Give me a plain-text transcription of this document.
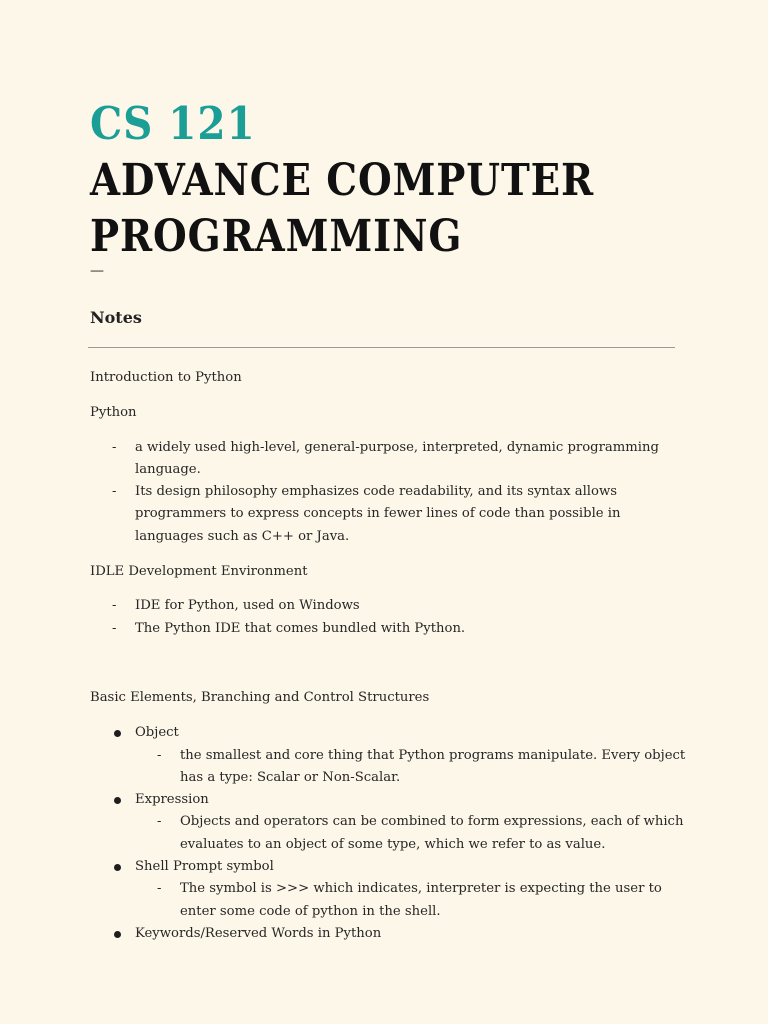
CS 121
ADVANCE COMPUTER
PROGRAMMING
—
Notes

Introduction to Python

Python

- a widely used high-level, general-purpose, interpreted, dynamic programming language.
- Its design philosophy emphasizes code readability, and its syntax allows programmers to express concepts in fewer lines of code than possible in languages such as C++ or Java.

IDLE Development Environment

- IDE for Python, used on Windows
- The Python IDE that comes bundled with Python.

Basic Elements, Branching and Control Structures

Object
- the smallest and core thing that Python programs manipulate. Every object has a type: Scalar or Non-Scalar.
Expression
- Objects and operators can be combined to form expressions, each of which evaluates to an object of some type, which we refer to as value.
Shell Prompt symbol
- The symbol is >>> which indicates, interpreter is expecting the user to enter some code of python in the shell.
Keywords/Reserved Words in Python
